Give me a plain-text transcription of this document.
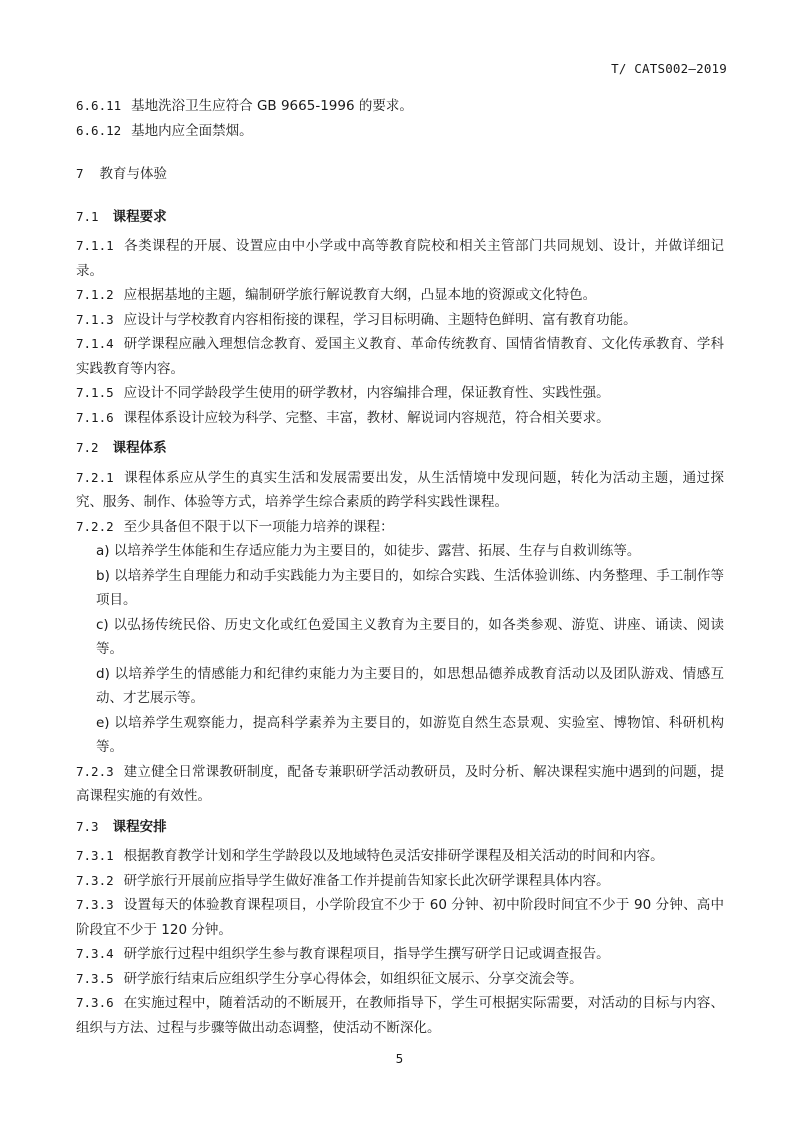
T/ CATS002—2019

6.6.11 基地洗浴卫生应符合 GB 9665-1996 的要求。

6.6.12 基地内应全面禁烟。

7 教育与体验

7.1 课程要求

7.1.1 各类课程的开展、设置应由中小学或中高等教育院校和相关主管部门共同规划、设计，并做详细记录。

7.1.2 应根据基地的主题，编制研学旅行解说教育大纲，凸显本地的资源或文化特色。

7.1.3 应设计与学校教育内容相衔接的课程，学习目标明确、主题特色鲜明、富有教育功能。

7.1.4 研学课程应融入理想信念教育、爱国主义教育、革命传统教育、国情省情教育、文化传承教育、学科实践教育等内容。

7.1.5 应设计不同学龄段学生使用的研学教材，内容编排合理，保证教育性、实践性强。

7.1.6 课程体系设计应较为科学、完整、丰富，教材、解说词内容规范，符合相关要求。

7.2 课程体系

7.2.1 课程体系应从学生的真实生活和发展需要出发，从生活情境中发现问题，转化为活动主题，通过探究、服务、制作、体验等方式，培养学生综合素质的跨学科实践性课程。

7.2.2 至少具备但不限于以下一项能力培养的课程：

a) 以培养学生体能和生存适应能力为主要目的，如徒步、露营、拓展、生存与自救训练等。

b) 以培养学生自理能力和动手实践能力为主要目的，如综合实践、生活体验训练、内务整理、手工制作等项目。

c) 以弘扬传统民俗、历史文化或红色爱国主义教育为主要目的，如各类参观、游览、讲座、诵读、阅读等。

d) 以培养学生的情感能力和纪律约束能力为主要目的，如思想品德养成教育活动以及团队游戏、情感互动、才艺展示等。

e) 以培养学生观察能力，提高科学素养为主要目的，如游览自然生态景观、实验室、博物馆、科研机构等。

7.2.3 建立健全日常课教研制度，配备专兼职研学活动教研员，及时分析、解决课程实施中遇到的问题，提高课程实施的有效性。

7.3 课程安排

7.3.1 根据教育教学计划和学生学龄段以及地域特色灵活安排研学课程及相关活动的时间和内容。

7.3.2 研学旅行开展前应指导学生做好准备工作并提前告知家长此次研学课程具体内容。

7.3.3 设置每天的体验教育课程项目，小学阶段宜不少于 60 分钟、初中阶段时间宜不少于 90 分钟、高中阶段宜不少于 120 分钟。

7.3.4 研学旅行过程中组织学生参与教育课程项目，指导学生撰写研学日记或调查报告。

7.3.5 研学旅行结束后应组织学生分享心得体会，如组织征文展示、分享交流会等。

7.3.6 在实施过程中，随着活动的不断展开，在教师指导下，学生可根据实际需要，对活动的目标与内容、组织与方法、过程与步骤等做出动态调整，使活动不断深化。

5
